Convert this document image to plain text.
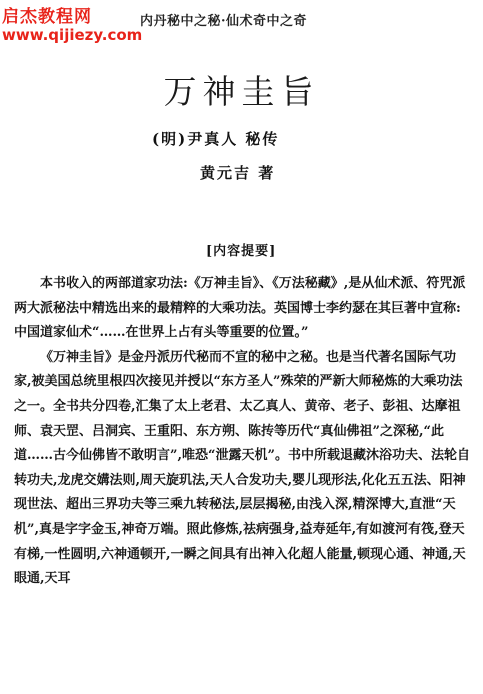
启杰教程网
www.qijiezy.com
内丹秘中之秘·仙术奇中之奇
万神圭旨
(明)尹真人 秘传
黄元吉 著
[内容提要]

本书收入的两部道家功法:《万神圭旨》、《万法秘藏》,是从仙术派、符咒派两大派秘法中精选出来的最精粹的大乘功法。英国博士李约瑟在其巨著中宣称:中国道家仙术“……在世界上占有头等重要的位置。”

《万神圭旨》是金丹派历代秘而不宣的秘中之秘。也是当代著名国际气功家,被美国总统里根四次接见并授以“东方圣人”殊荣的严新大师秘炼的大乘功法之一。全书共分四卷,汇集了太上老君、太乙真人、黄帝、老子、彭祖、达摩祖师、袁天罡、吕洞宾、王重阳、东方朔、陈抟等历代“真仙佛祖”之深秘,“此道……古今仙佛皆不敢明言”,唯恐“泄露天机”。书中所载退藏沐浴功夫、法轮自转功夫,龙虎交媾法则,周天旋玑法,天人合发功夫,婴儿现形法,化化五五法、阳神现世法、超出三界功夫等三乘九转秘法,层层揭秘,由浅入深,精深博大,直泄“天机”,真是字字金玉,神奇万端。照此修炼,祛病强身,益寿延年,有如渡河有筏,登天有梯,一性圆明,六神通顿开,一瞬之间具有出神入化超人能量,顿现心通、神通,天眼通,天耳
